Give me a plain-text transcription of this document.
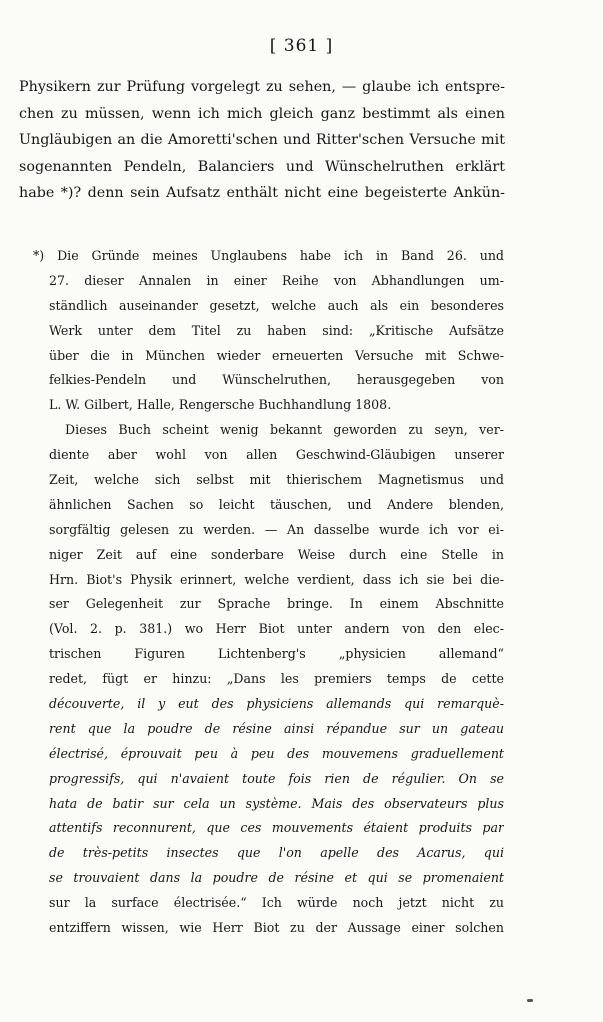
[ 361 ]
Physikern zur Prüfung vorgelegt zu sehen, — glaube ich entspre-
chen zu müssen, wenn ich mich gleich ganz bestimmt als einen
Ungläubigen an die Amoretti'schen und Ritter'schen Versuche mit
sogenannten Pendeln, Balanciers und Wünschelruthen erklärt
habe *)? denn sein Aufsatz enthält nicht eine begeisterte Ankün-
*) Die Gründe meines Unglaubens habe ich in Band 26. und
27. dieser Annalen in einer Reihe von Abhandlungen um-
ständlich auseinander gesetzt, welche auch als ein besonderes
Werk unter dem Titel zu haben sind: „Kritische Aufsätze
über die in München wieder erneuerten Versuche mit Schwe-
felkies-Pendeln und Wünschelruthen, herausgegeben von
L. W. Gilbert, Halle, Rengersche Buchhandlung 1808.
Dieses Buch scheint wenig bekannt geworden zu seyn, ver-
diente aber wohl von allen Geschwind-Gläubigen unserer
Zeit, welche sich selbst mit thierischem Magnetismus und
ähnlichen Sachen so leicht täuschen, und Andere blenden,
sorgfältig gelesen zu werden. — An dasselbe wurde ich vor ei-
niger Zeit auf eine sonderbare Weise durch eine Stelle in
Hrn. Biot's Physik erinnert, welche verdient, dass ich sie bei die-
ser Gelegenheit zur Sprache bringe. In einem Abschnitte
(Vol. 2. p. 381.) wo Herr Biot unter andern von den elec-
trischen Figuren Lichtenberg's „physicien allemand“
redet, fügt er hinzu: „Dans les premiers temps de cette
découverte, il y eut des physiciens allemands qui remarquè-
rent que la poudre de résine ainsi répandue sur un gateau
électrisé, éprouvait peu à peu des mouvemens graduellement
progressifs, qui n'avaient toute fois rien de régulier. On se
hata de batir sur cela un système. Mais des observateurs plus
attentifs reconnurent, que ces mouvements étaient produits par
de très-petits insectes que l'on apelle des Acarus, qui
se trouvaient dans la poudre de résine et qui se promenaient
sur la surface électrisée.“ Ich würde noch jetzt nicht zu
entziffern wissen, wie Herr Biot zu der Aussage einer solchen
